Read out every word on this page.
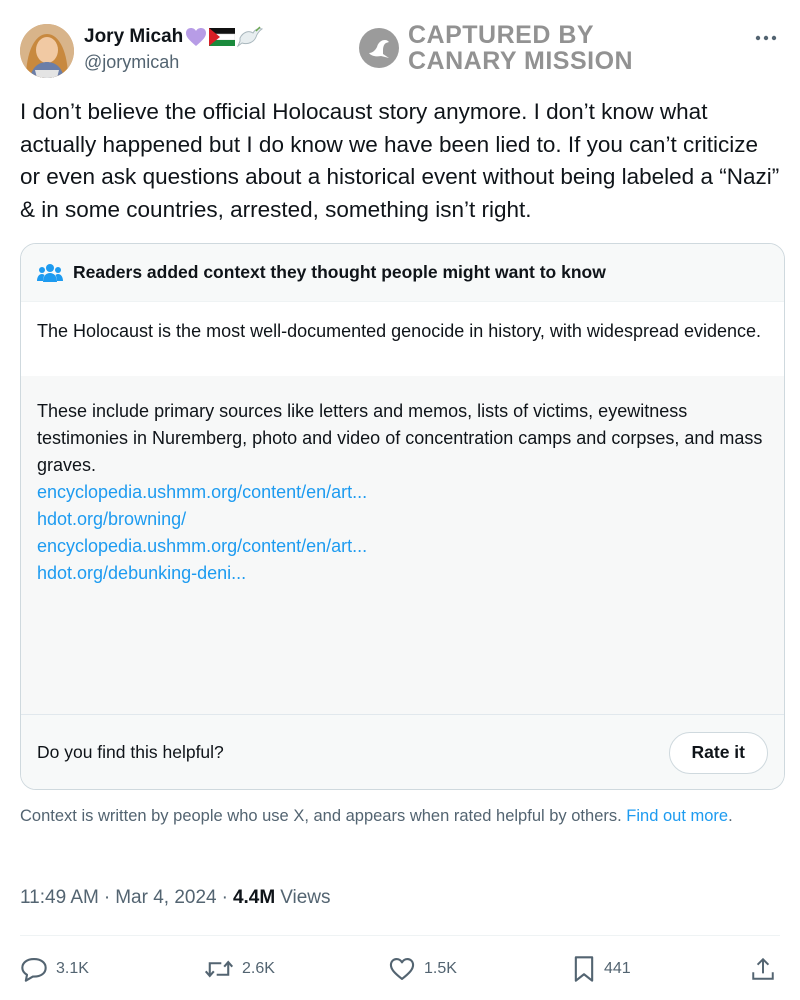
Jory Micah
@jorymicah
CAPTURED BY
CANARY MISSION
I don’t believe the official Holocaust story anymore. I don’t know what actually happened but I do know we have been lied to. If you can’t criticize or even ask questions about a historical event without being labeled a “Nazi” & in some countries, arrested, something isn’t right.
Readers added context they thought people might want to know
The Holocaust is the most well-documented genocide in history, with widespread evidence.
These include primary sources like letters and memos, lists of victims, eyewitness testimonies in Nuremberg, photo and video of concentration camps and corpses, and mass graves.
encyclopedia.ushmm.org/content/en/art...
hdot.org/browning/
encyclopedia.ushmm.org/content/en/art...
hdot.org/debunking-deni...
Do you find this helpful?	Rate it
Context is written by people who use X, and appears when rated helpful by others. Find out more.
11:49 AM · Mar 4, 2024 · 4.4M Views
3.1K	2.6K	1.5K	441
